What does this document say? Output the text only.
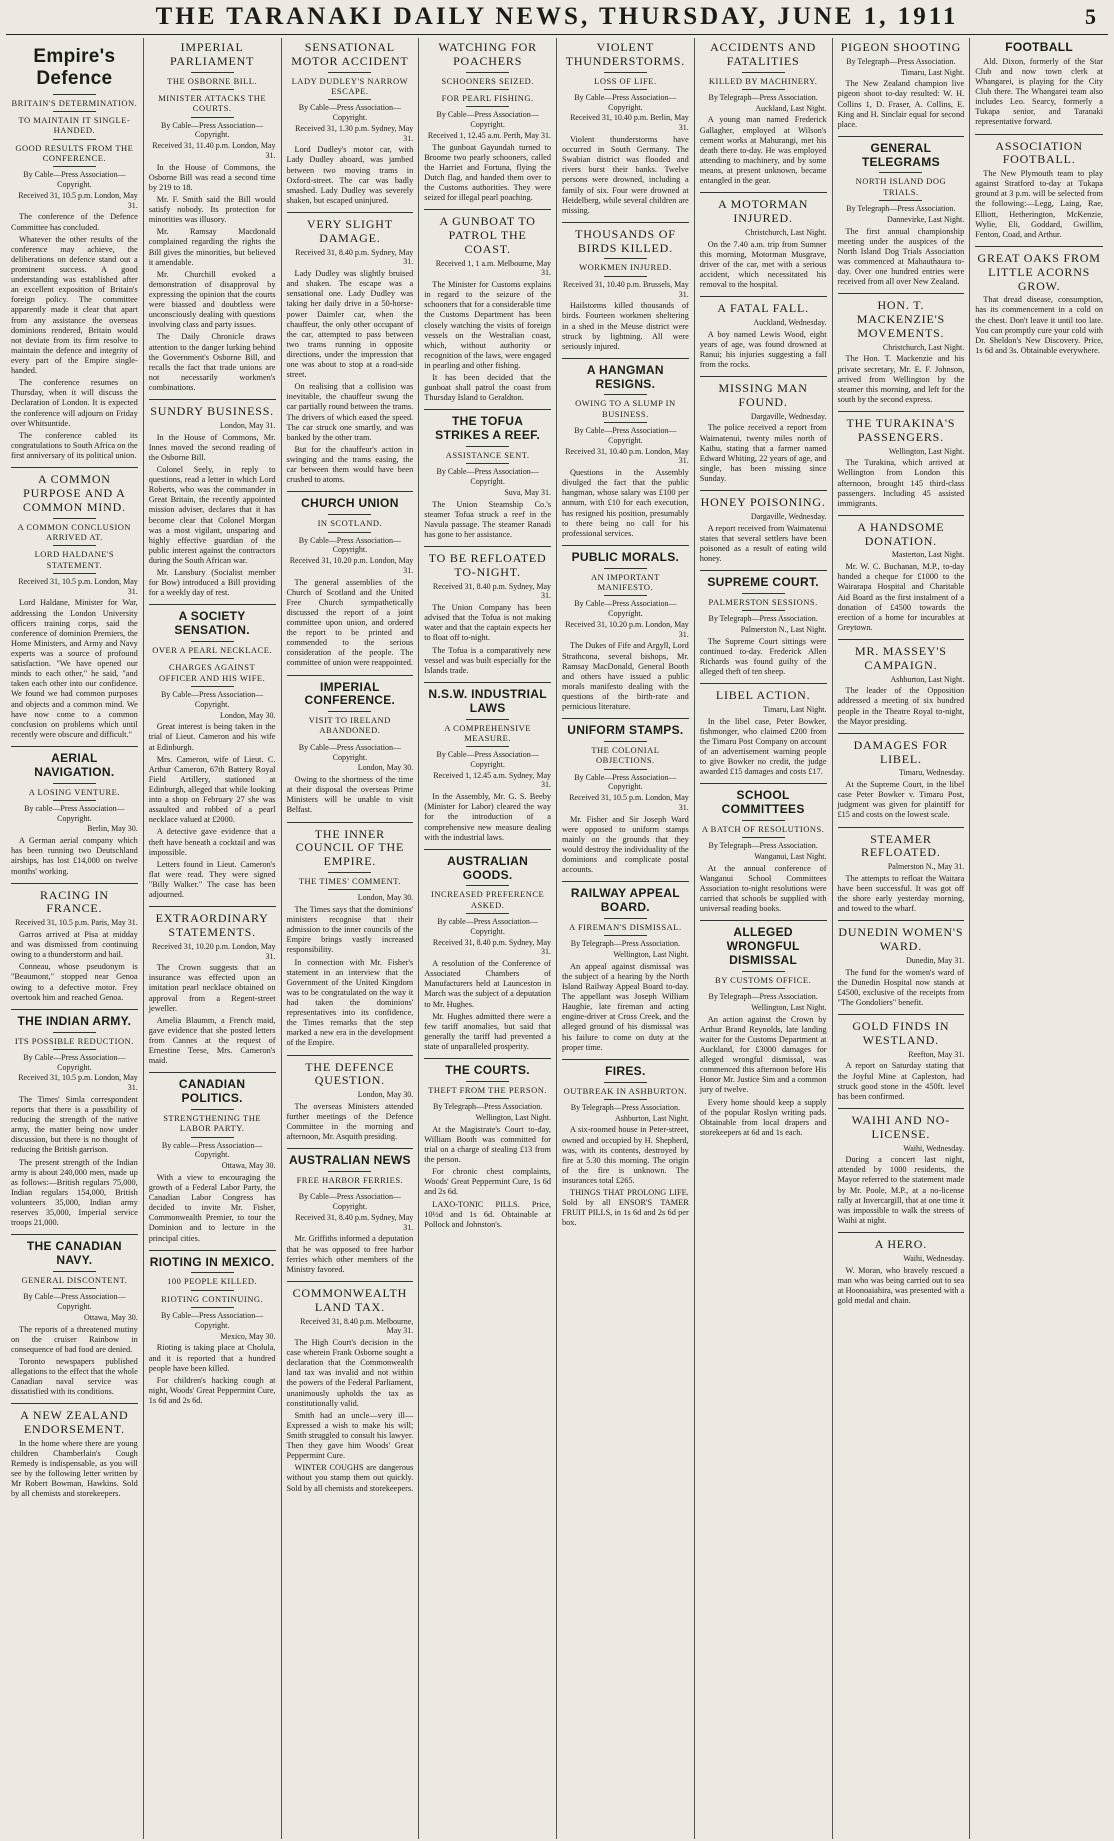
THE TARANAKI DAILY NEWS, THURSDAY, JUNE 1, 1911	5
Empire's Defence
BRITAIN'S DETERMINATION.
TO MAINTAIN IT SINGLE-HANDED.
GOOD RESULTS FROM THE CONFERENCE.
By Cable—Press Association—Copyright.
Received 31, 10.5 p.m. London, May 31.

The conference of the Defence Committee has concluded.

Whatever the other results of the conference may achieve, the deliberations on defence stand out a prominent success. A good understanding was established after an excellent exposition of Britain's foreign policy. The committee apparently made it clear that apart from any assistance the overseas dominions rendered, Britain would not deviate from its firm resolve to maintain the defence and integrity of every part of the Empire single-handed.

The conference resumes on Thursday, when it will discuss the Declaration of London. It is expected the conference will adjourn on Friday over Whitsuntide.

The conference cabled its congratulations to South Africa on the first anniversary of its political union.

A COMMON PURPOSE AND A COMMON MIND.
A COMMON CONCLUSION ARRIVED AT.
LORD HALDANE'S STATEMENT.
Received 31, 10.5 p.m. London, May 31.

Lord Haldane, Minister for War, addressing the London University officers training corps, said the conference of dominion Premiers, the Home Ministers, and Army and Navy experts was a source of profound satisfaction. "We have opened our minds to each other," he said, "and taken each other into our confidence. We found we had common purposes and objects and a common mind. We have now come to a common conclusion on problems which until recently were obscure and difficult."

AERIAL NAVIGATION.
A LOSING VENTURE.
By cable—Press Association—Copyright.
Berlin, May 30.

A German aerial company which has been running two Deutschland airships, has lost £14,000 on twelve months' working.

RACING IN FRANCE.
Received 31, 10.5 p.m. Paris, May 31.

Garros arrived at Pisa at midday and was dismissed from continuing owing to a thunderstorm and hail.

Conneau, whose pseudonym is "Beaumont," stopped near Genoa owing to a defective motor. Frey overtook him and reached Genoa.

THE INDIAN ARMY.
ITS POSSIBLE REDUCTION.
By Cable—Press Association—Copyright.
Received 31, 10.5 p.m. London, May 31.

The Times' Simla correspondent reports that there is a possibility of reducing the strength of the native army, the matter being now under discussion, but there is no thought of reducing the British garrison.

The present strength of the Indian army is about 240,000 men, made up as follows:—British regulars 75,000, Indian regulars 154,000, British volunteers 35,000, Indian army reserves 35,000, Imperial service troops 21,000.

THE CANADIAN NAVY.
GENERAL DISCONTENT.
By Cable—Press Association—Copyright.
Ottawa, May 30.

The reports of a threatened mutiny on the cruiser Rainbow in consequence of bad food are denied.

Toronto newspapers published allegations to the effect that the whole Canadian naval service was dissatisfied with its conditions.

A NEW ZEALAND ENDORSEMENT.

In the home where there are young children Chamberlain's Cough Remedy is indispensable, as you will see by the following letter written by Mr Robert Bowman, Hawkins. Sold by all chemists and storekeepers.

IMPERIAL PARLIAMENT
THE OSBORNE BILL.
MINISTER ATTACKS THE COURTS.
By Cable—Press Association—Copyright.
Received 31, 11.40 p.m. London, May 31.

In the House of Commons, the Osborne Bill was read a second time by 219 to 18.

Mr. F. Smith said the Bill would satisfy nobody. Its protection for minorities was illusory.

Mr. Ramsay Macdonald complained regarding the rights the Bill gives the minorities, but believed it amendable.

Mr. Churchill evoked a demonstration of disapproval by expressing the opinion that the courts were biassed and doubtless were unconsciously dealing with questions involving class and party issues.

The Daily Chronicle draws attention to the danger lurking behind the Government's Osborne Bill, and recalls the fact that trade unions are not necessarily workmen's combinations.

SUNDRY BUSINESS.
London, May 31.

In the House of Commons, Mr. Innes moved the second reading of the Osborne Bill.

Colonel Seely, in reply to questions, read a letter in which Lord Roberts, who was the commander in Great Britain, the recently appointed mission adviser, declares that it has become clear that Colonel Morgan was a most vigilant, unsparing and highly effective guardian of the public interest against the contractors during the South African war.

Mr. Lansbury (Socialist member for Bow) introduced a Bill providing for a weekly day of rest.

A SOCIETY SENSATION.
OVER A PEARL NECKLACE.
CHARGES AGAINST OFFICER AND HIS WIFE.
By Cable—Press Association—Copyright.
London, May 30.

Great interest is being taken in the trial of Lieut. Cameron and his wife at Edinburgh.

Mrs. Cameron, wife of Lieut. C. Arthur Cameron, 67th Battery Royal Field Artillery, stationed at Edinburgh, alleged that while looking into a shop on February 27 she was assaulted and robbed of a pearl necklace valued at £2000.

A detective gave evidence that a theft have beneath a cocktail and was impossible.

Letters found in Lieut. Cameron's flat were read. They were signed "Billy Walker." The case has been adjourned.

EXTRAORDINARY STATEMENTS.
Received 31, 10.20 p.m. London, May 31.

The Crown suggests that an insurance was effected upon an imitation pearl necklace obtained on approval from a Regent-street jeweller.

Amelia Blaumm, a French maid, gave evidence that she posted letters from Cannes at the request of Ernestine Teese, Mrs. Cameron's maid.

CANADIAN POLITICS.
STRENGTHENING THE LABOR PARTY.
By cable—Press Association—Copyright.
Ottawa, May 30.

With a view to encouraging the growth of a Federal Labor Party, the Canadian Labor Congress has decided to invite Mr. Fisher, Commonwealth Premier, to tour the Dominion and to lecture in the principal cities.

RIOTING IN MEXICO.
100 PEOPLE KILLED.
RIOTING CONTINUING.
By Cable—Press Association—Copyright.
Mexico, May 30.

Rioting is taking place at Cholula, and it is reported that a hundred people have been killed.

For children's hacking cough at night, Woods' Great Peppermint Cure, 1s 6d and 2s 6d.

SENSATIONAL MOTOR ACCIDENT
LADY DUDLEY'S NARROW ESCAPE.
By Cable—Press Association—Copyright.
Received 31, 1.30 p.m. Sydney, May 31.

Lord Dudley's motor car, with Lady Dudley aboard, was jambed between two moving trams in Oxford-street. The car was badly smashed. Lady Dudley was severely shaken, but escaped uninjured.

VERY SLIGHT DAMAGE.
Received 31, 8.40 p.m. Sydney, May 31.

Lady Dudley was slightly bruised and shaken. The escape was a sensational one. Lady Dudley was taking her daily drive in a 50-horse-power Daimler car, when the chauffeur, the only other occupant of the car, attempted to pass between two trams running in opposite directions, under the impression that one was about to stop at a road-side street.

On realising that a collision was inevitable, the chauffeur swung the car partially round between the trams. The drivers of which eased the speed. The car struck one smartly, and was banked by the other tram.

But for the chauffeur's action in swinging and the trams easing, the car between them would have been crushed to atoms.

CHURCH UNION
IN SCOTLAND.
By Cable—Press Association—Copyright.
Received 31, 10.20 p.m. London, May 31.

The general assemblies of the Church of Scotland and the United Free Church sympathetically discussed the report of a joint committee upon union, and ordered the report to be printed and commended to the serious consideration of the people. The committee of union were reappointed.

IMPERIAL CONFERENCE.
VISIT TO IRELAND ABANDONED.
By Cable—Press Association—Copyright.
London, May 30.

Owing to the shortness of the time at their disposal the overseas Prime Ministers will be unable to visit Belfast.

THE INNER COUNCIL OF THE EMPIRE.
THE TIMES' COMMENT.
London, May 30.

The Times says that the dominions' ministers recognise that their admission to the inner councils of the Empire brings vastly increased responsibility.

In connection with Mr. Fisher's statement in an interview that the Government of the United Kingdom was to be congratulated on the way it had taken the dominions' representatives into its confidence, the Times remarks that the step marked a new era in the development of the Empire.

THE DEFENCE QUESTION.
London, May 30.

The overseas Ministers attended further meetings of the Defence Committee in the morning and afternoon, Mr. Asquith presiding.

AUSTRALIAN NEWS
FREE HARBOR FERRIES.
By Cable—Press Association—Copyright.
Received 31, 8.40 p.m. Sydney, May 31.

Mr. Griffiths informed a deputation that he was opposed to free harbor ferries which other members of the Ministry favored.

COMMONWEALTH LAND TAX.
Received 31, 8.40 p.m. Melbourne, May 31.

The High Court's decision in the case wherein Frank Osborne sought a declaration that the Commonwealth land tax was invalid and not within the powers of the Federal Parliament, unanimously upholds the tax as constitutionally valid.

Smith had an uncle—very ill—Expressed a wish to make his will; Smith struggled to consult his lawyer. Then they gave him Woods' Great Peppermint Cure.

WINTER COUGHS are dangerous without you stamp them out quickly. Sold by all chemists and storekeepers.

WATCHING FOR POACHERS
SCHOONERS SEIZED.
FOR PEARL FISHING.
By Cable—Press Association—Copyright.
Received 1, 12.45 a.m. Perth, May 31.

The gunboat Gayundah turned to Broome two pearly schooners, called the Harriet and Fortuna, flying the Dutch flag, and handed them over to the Customs authorities. They were seized for illegal pearl poaching.

A GUNBOAT TO PATROL THE COAST.
Received 1, 1 a.m. Melbourne, May 31.

The Minister for Customs explains in regard to the seizure of the schooners that for a considerable time the Customs Department has been closely watching the visits of foreign vessels on the Westralian coast, which, without authority or recognition of the laws, were engaged in pearling and other fishing.

It has been decided that the gunboat shall patrol the coast from Thursday Island to Geraldton.

THE TOFUA STRIKES A REEF.
ASSISTANCE SENT.
By Cable—Press Association—Copyright.
Suva, May 31.

The Union Steamship Co.'s steamer Tofua struck a reef in the Navula passage. The steamer Ranadi has gone to her assistance.

TO BE REFLOATED TO-NIGHT.
Received 31, 8.40 p.m. Sydney, May 31.

The Union Company has been advised that the Tofua is not making water and that the captain expects her to float off to-night.

The Tofua is a comparatively new vessel and was built especially for the Islands trade.

N.S.W. INDUSTRIAL LAWS
A COMPREHENSIVE MEASURE.
By Cable—Press Association—Copyright.
Received 1, 12.45 a.m. Sydney, May 31.

In the Assembly, Mr. G. S. Beeby (Minister for Labor) cleared the way for the introduction of a comprehensive new measure dealing with the industrial laws.

AUSTRALIAN GOODS.
INCREASED PREFERENCE ASKED.
By cable—Press Association—Copyright.
Received 31, 8.40 p.m. Sydney, May 31.

A resolution of the Conference of Associated Chambers of Manufacturers held at Launceston in March was the subject of a deputation to Mr. Hughes.

Mr. Hughes admitted there were a few tariff anomalies, but said that generally the tariff had prevented a state of unparalleled prosperity.

THE COURTS.
THEFT FROM THE PERSON.
By Telegraph—Press Association.
Wellington, Last Night.

At the Magistrate's Court to-day, William Booth was committed for trial on a charge of stealing £13 from the person.

For chronic chest complaints, Woods' Great Peppermint Cure, 1s 6d and 2s 6d.

LAXO-TONIC PILLS. Price, 10½d and 1s 6d. Obtainable at Pollock and Johnston's.

VIOLENT THUNDERSTORMS.
LOSS OF LIFE.
By Cable—Press Association—Copyright.
Received 31, 10.40 p.m. Berlin, May 31.

Violent thunderstorms have occurred in South Germany. The Swabian district was flooded and rivers burst their banks. Twelve persons were drowned, including a family of six. Four were drowned at Heidelberg, while several children are missing.

THOUSANDS OF BIRDS KILLED.
WORKMEN INJURED.
Received 31, 10.40 p.m. Brussels, May 31.

Hailstorms killed thousands of birds. Fourteen workmen sheltering in a shed in the Meuse district were struck by lightning. All were seriously injured.

A HANGMAN RESIGNS.
OWING TO A SLUMP IN BUSINESS.
By Cable—Press Association—Copyright.
Received 31, 10.40 p.m. London, May 31.

Questions in the Assembly divulged the fact that the public hangman, whose salary was £100 per annum, with £10 for each execution, has resigned his position, presumably to there being no call for his professional services.

PUBLIC MORALS.
AN IMPORTANT MANIFESTO.
By Cable—Press Association—Copyright.
Received 31, 10.20 p.m. London, May 31.

The Dukes of Fife and Argyll, Lord Strathcona, several bishops, Mr. Ramsay MacDonald, General Booth and others have issued a public morals manifesto dealing with the questions of the birth-rate and pernicious literature.

UNIFORM STAMPS.
THE COLONIAL OBJECTIONS.
By Cable—Press Association—Copyright.
Received 31, 10.5 p.m. London, May 31.

Mr. Fisher and Sir Joseph Ward were opposed to uniform stamps mainly on the grounds that they would destroy the individuality of the dominions and complicate postal accounts.

RAILWAY APPEAL BOARD.
A FIREMAN'S DISMISSAL.
By Telegraph—Press Association.
Wellington, Last Night.

An appeal against dismissal was the subject of a hearing by the North Island Railway Appeal Board to-day. The appellant was Joseph William Haughie, late fireman and acting engine-driver at Cross Creek, and the alleged ground of his dismissal was his failure to come on duty at the proper time.

FIRES.
OUTBREAK IN ASHBURTON.
By Telegraph—Press Association.
Ashburton, Last Night.

A six-roomed house in Peter-street, owned and occupied by H. Shepherd, was, with its contents, destroyed by fire at 5.30 this morning. The origin of the fire is unknown. The insurances total £265.

THINGS THAT PROLONG LIFE. Sold by all ENSOR'S TAMER FRUIT PILLS, in 1s 6d and 2s 6d per box.

ACCIDENTS AND FATALITIES
KILLED BY MACHINERY.
By Telegraph—Press Association.
Auckland, Last Night.

A young man named Frederick Gallagher, employed at Wilson's cement works at Mahurangi, met his death there to-day. He was employed attending to machinery, and by some means, at present unknown, became entangled in the gear.

A MOTORMAN INJURED.
Christchurch, Last Night.

On the 7.40 a.m. trip from Sumner this morning, Motorman Musgrave, driver of the car, met with a serious accident, which necessitated his removal to the hospital.

A FATAL FALL.
Auckland, Wednesday.

A boy named Lewis Wood, eight years of age, was found drowned at Ranui; his injuries suggesting a fall from the rocks.

MISSING MAN FOUND.
Dargaville, Wednesday.

The police received a report from Waimatenui, twenty miles north of Kaihu, stating that a farmer named Edward Whiting, 22 years of age, and single, has been missing since Sunday.

HONEY POISONING.
Dargaville, Wednesday.

A report received from Waimatenui states that several settlers have been poisoned as a result of eating wild honey.

SUPREME COURT.
PALMERSTON SESSIONS.
By Telegraph—Press Association.
Palmerston N., Last Night.

The Supreme Court sittings were continued to-day. Frederick Allen Richards was found guilty of the alleged theft of ten sheep.

LIBEL ACTION.
Timaru, Last Night.

In the libel case, Peter Bowker, fishmonger, who claimed £200 from the Timaru Post Company on account of an advertisement warning people to give Bowker no credit, the judge awarded £15 damages and costs £17.

SCHOOL COMMITTEES
A BATCH OF RESOLUTIONS.
By Telegraph—Press Association.
Wanganui, Last Night.

At the annual conference of Wanganui School Committees Association to-night resolutions were carried that schools be supplied with universal reading books.

ALLEGED WRONGFUL DISMISSAL
BY CUSTOMS OFFICE.
By Telegraph—Press Association.
Wellington, Last Night.

An action against the Crown by Arthur Brand Reynolds, late landing waiter for the Customs Department at Auckland, for £3000 damages for alleged wrongful dismissal, was commenced this afternoon before His Honor Mr. Justice Sim and a common jury of twelve.

Every home should keep a supply of the popular Roslyn writing pads. Obtainable from local drapers and storekeepers at 6d and 1s each.

PIGEON SHOOTING
By Telegraph—Press Association.
Timaru, Last Night.

The New Zealand champion live pigeon shoot to-day resulted: W. H. Collins 1, D. Fraser, A. Collins, E. King and H. Sinclair equal for second place.

GENERAL TELEGRAMS
NORTH ISLAND DOG TRIALS.
By Telegraph—Press Association.
Dannevirke, Last Night.

The first annual championship meeting under the auspices of the North Island Dog Trials Association was commenced at Mahauthaura to-day. Over one hundred entries were received from all over New Zealand.

HON. T. MACKENZIE'S MOVEMENTS.
Christchurch, Last Night.

The Hon. T. Mackenzie and his private secretary, Mr. E. F. Johnson, arrived from Wellington by the steamer this morning, and left for the south by the second express.

THE TURAKINA'S PASSENGERS.
Wellington, Last Night.

The Turakina, which arrived at Wellington from London this afternoon, brought 145 third-class passengers. Including 45 assisted immigrants.

A HANDSOME DONATION.
Masterton, Last Night.

Mr. W. C. Buchanan, M.P., to-day handed a cheque for £1000 to the Wairarapa Hospital and Charitable Aid Board as the first instalment of a donation of £4500 towards the erection of a home for incurables at Greytown.

MR. MASSEY'S CAMPAIGN.
Ashburton, Last Night.

The leader of the Opposition addressed a meeting of six hundred people in the Theatre Royal to-night, the Mayor presiding.

DAMAGES FOR LIBEL.
Timaru, Wednesday.

At the Supreme Court, in the libel case Peter Bowker v. Timaru Post, judgment was given for plaintiff for £15 and costs on the lowest scale.

STEAMER REFLOATED.
Palmerston N., May 31.

The attempts to refloat the Waitara have been successful. It was got off the shore early yesterday morning, and towed to the wharf.

DUNEDIN WOMEN'S WARD.
Dunedin, May 31.

The fund for the women's ward of the Dunedin Hospital now stands at £4500, exclusive of the receipts from "The Gondoliers" benefit.

GOLD FINDS IN WESTLAND.
Reefton, May 31.

A report on Saturday stating that the Joyful Mine at Capleston, had struck good stone in the 450ft. level has been confirmed.

WAIHI AND NO-LICENSE.
Waihi, Wednesday.

During a concert last night, attended by 1000 residents, the Mayor referred to the statement made by Mr. Poole, M.P., at a no-license rally at Invercargill, that at one time it was impossible to walk the streets of Waihi at night.

A HERO.
Waihi, Wednesday.

W. Moran, who bravely rescued a man who was being carried out to sea at Hoonoaiahira, was presented with a gold medal and chain.

FOOTBALL

Ald. Dixon, formerly of the Star Club and now town clerk at Whangarei, is playing for the City Club there. The Whangarei team also includes Leo. Searcy, formerly a Tukapa senior, and Taranaki representative forward.

ASSOCIATION FOOTBALL.

The New Plymouth team to play against Stratford to-day at Tukapa ground at 3 p.m. will be selected from the following:—Legg, Laing, Rae, Elliott, Hetherington, McKenzie, Wylie, Eli, Goddard, Gwillim, Fenton, Coad, and Arthur.

GREAT OAKS FROM LITTLE ACORNS GROW.

That dread disease, consumption, has its commencement in a cold on the chest. Don't leave it until too late. You can promptly cure your cold with Dr. Sheldon's New Discovery. Price, 1s 6d and 3s. Obtainable everywhere.
